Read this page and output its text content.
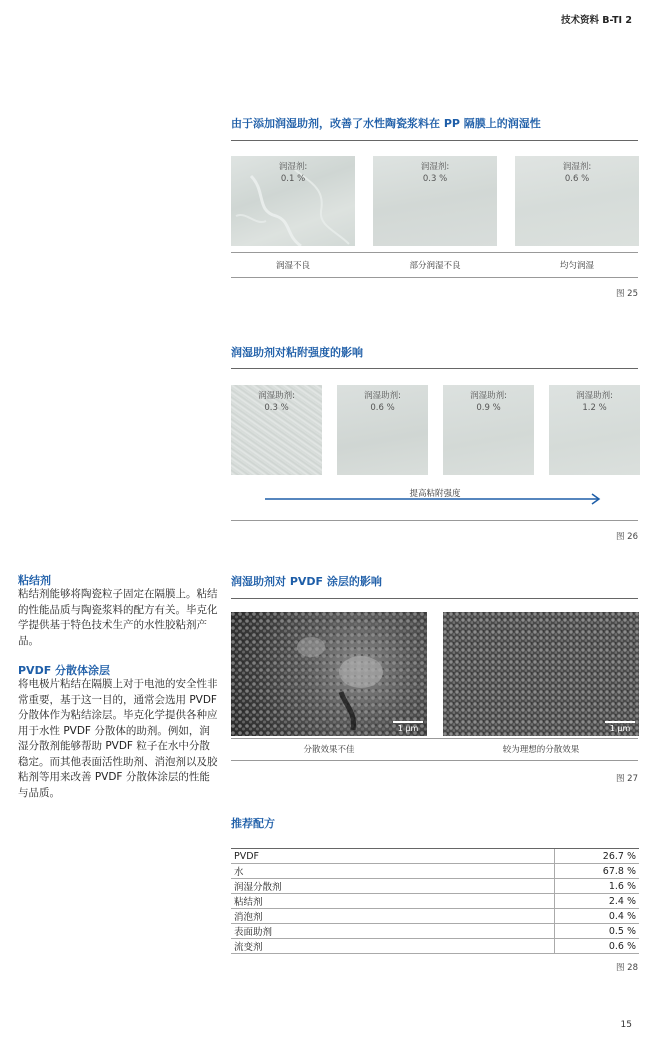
技术资料 B-TI 2
由于添加润湿助剂，改善了水性陶瓷浆料在 PP 隔膜上的润湿性
润湿剂:
0.1 %
润湿剂:
0.3 %
润湿剂:
0.6 %
润湿不良	部分润湿不良	均匀润湿
图 25
润湿助剂对粘附强度的影响
润湿助剂:
0.3 %
润湿助剂:
0.6 %
润湿助剂:
0.9 %
润湿助剂:
1.2 %
提高粘附强度
图 26
润湿助剂对 PVDF 涂层的影响
1 µm	1 µm
分散效果不佳	较为理想的分散效果
图 27
粘结剂
粘结剂能够将陶瓷粒子固定在隔膜上。粘结的性能品质与陶瓷浆料的配方有关。毕克化学提供基于特色技术生产的水性胶粘剂产品。
PVDF 分散体涂层
将电极片粘结在隔膜上对于电池的安全性非常重要，基于这一目的，通常会选用 PVDF 分散体作为粘结涂层。毕克化学提供各种应用于水性 PVDF 分散体的助剂。例如，润湿分散剂能够帮助 PVDF 粒子在水中分散稳定。而其他表面活性助剂、消泡剂以及胶粘剂等用来改善 PVDF 分散体涂层的性能与品质。
推荐配方
PVDF	26.7 %
水	67.8 %
润湿分散剂	1.6 %
粘结剂	2.4 %
消泡剂	0.4 %
表面助剂	0.5 %
流变剂	0.6 %
图 28
15
